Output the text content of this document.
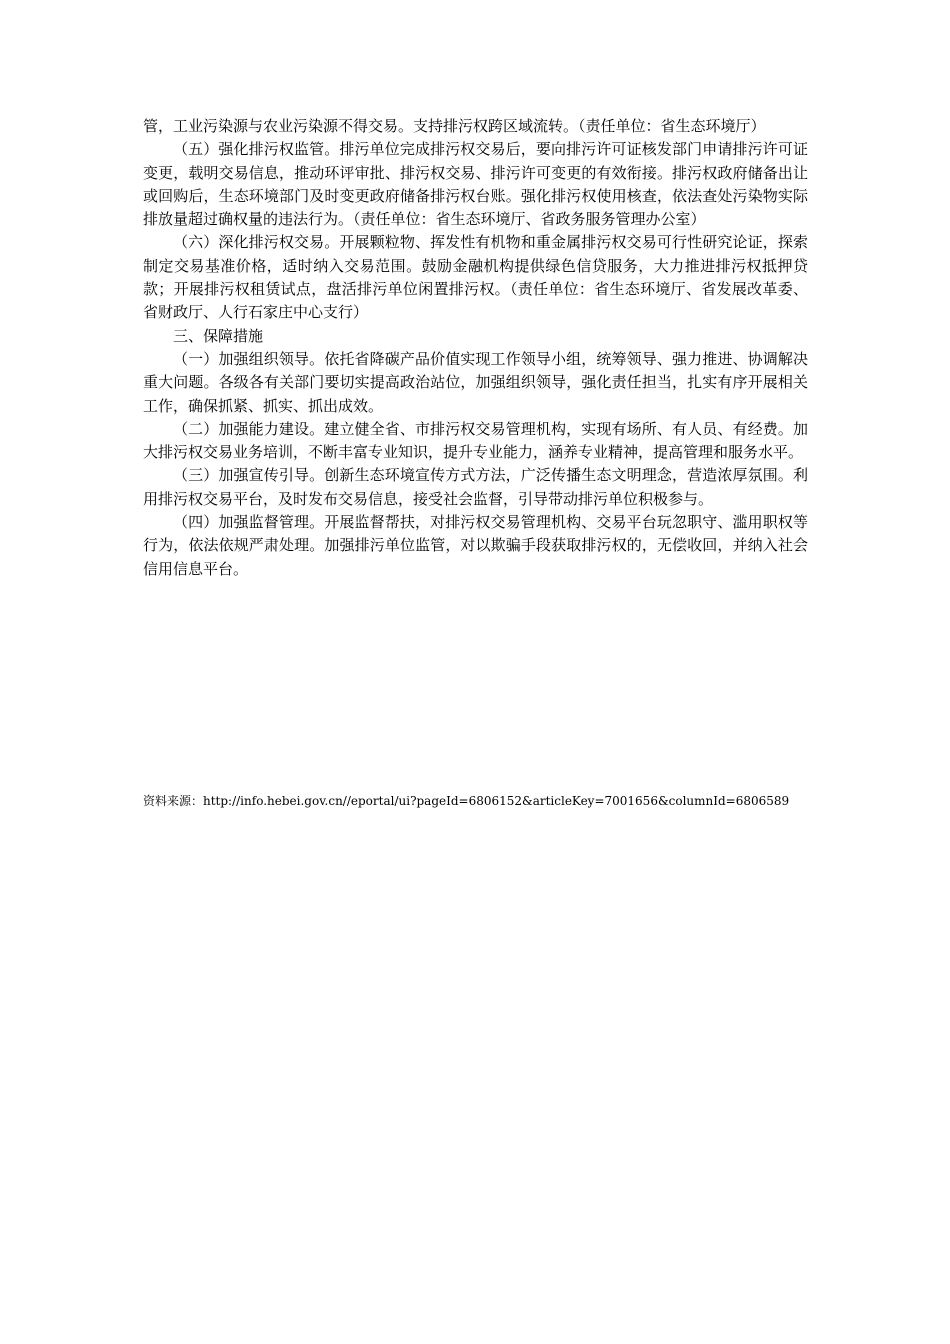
管，工业污染源与农业污染源不得交易。支持排污权跨区域流转。（责任单位：省生态环境厅）

（五）强化排污权监管。排污单位完成排污权交易后，要向排污许可证核发部门申请排污许可证变更，载明交易信息，推动环评审批、排污权交易、排污许可变更的有效衔接。排污权政府储备出让或回购后，生态环境部门及时变更政府储备排污权台账。强化排污权使用核查，依法查处污染物实际排放量超过确权量的违法行为。（责任单位：省生态环境厅、省政务服务管理办公室）

（六）深化排污权交易。开展颗粒物、挥发性有机物和重金属排污权交易可行性研究论证，探索制定交易基准价格，适时纳入交易范围。鼓励金融机构提供绿色信贷服务，大力推进排污权抵押贷款；开展排污权租赁试点，盘活排污单位闲置排污权。（责任单位：省生态环境厅、省发展改革委、省财政厅、人行石家庄中心支行）

三、保障措施

（一）加强组织领导。依托省降碳产品价值实现工作领导小组，统筹领导、强力推进、协调解决重大问题。各级各有关部门要切实提高政治站位，加强组织领导，强化责任担当，扎实有序开展相关工作，确保抓紧、抓实、抓出成效。

（二）加强能力建设。建立健全省、市排污权交易管理机构，实现有场所、有人员、有经费。加大排污权交易业务培训，不断丰富专业知识，提升专业能力，涵养专业精神，提高管理和服务水平。

（三）加强宣传引导。创新生态环境宣传方式方法，广泛传播生态文明理念，营造浓厚氛围。利用排污权交易平台，及时发布交易信息，接受社会监督，引导带动排污单位积极参与。

（四）加强监督管理。开展监督帮扶，对排污权交易管理机构、交易平台玩忽职守、滥用职权等行为，依法依规严肃处理。加强排污单位监管，对以欺骗手段获取排污权的，无偿收回，并纳入社会信用信息平台。

资料来源：http://info.hebei.gov.cn//eportal/ui?pageId=6806152&articleKey=7001656&columnId=6806589
